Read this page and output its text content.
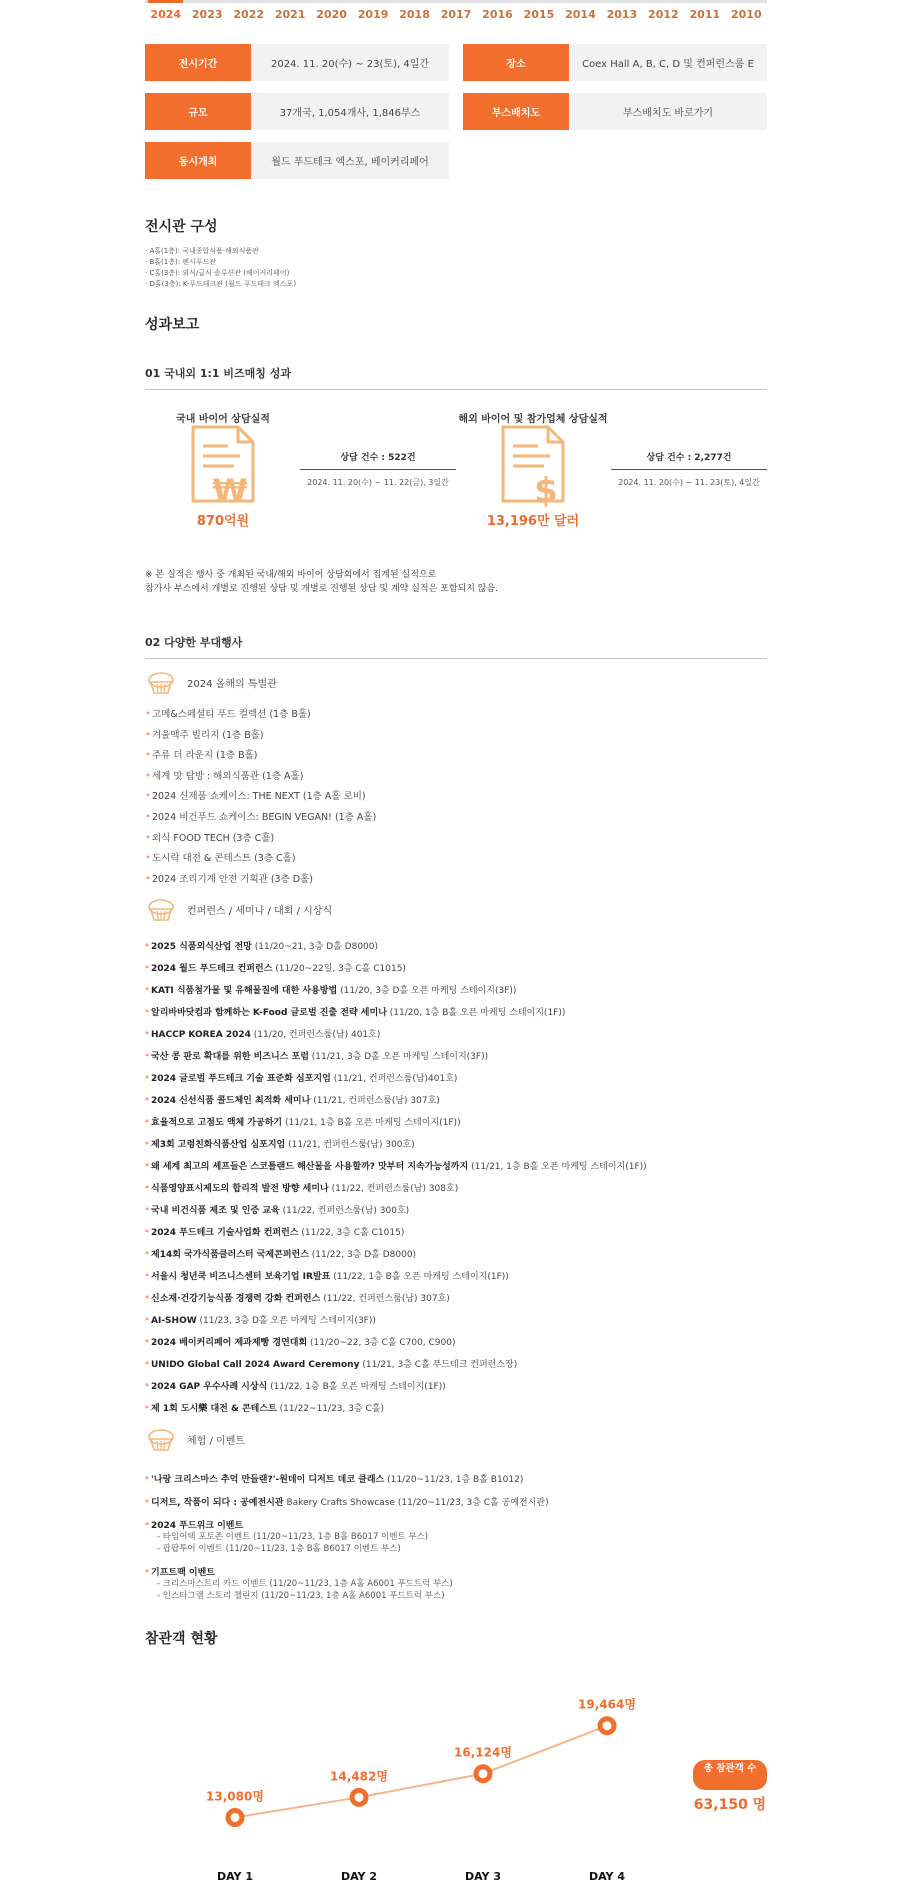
2024 2023 2022 2021 2020 2019 2018 2017 2016 2015 2014 2013 2012 2011 2010
전시기간	2024. 11. 20(수) ~ 23(토), 4일간	장소	Coex Hall A, B, C, D 및 컨퍼런스룸 E
규모	37개국, 1,054개사, 1,846부스	부스배치도	부스배치도 바로가기
동시개최	월드 푸드테크 엑스포, 베이커리페어
전시관 구성
· A홀(1층): 국내종합식품·해외식품관
· B홀(1층): 펜시푸드관
· C홀(3층): 외식/급식 솔루션관 (베이커리페어)
· D홀(3층): K-푸드테크관 (월드 푸드테크 엑스포)
성과보고
01 국내외 1:1 비즈매칭 성과
국내 바이어 상담실적
₩
870억원
상담 건수 : 522건
2024. 11. 20(수) ~ 11. 22(금), 3일간
해외 바이어 및 참가업체 상담실적
$
13,196만 달러
상담 건수 : 2,277건
2024. 11. 20(수) ~ 11. 23(토), 4일간
※ 본 실적은 행사 중 개최된 국내/해외 바이어 상담회에서 집계된 실적으로
참가사 부스에서 개별로 진행된 상담 및 개별로 진행된 상담 및 계약 실적은 포함되지 않음.
02 다양한 부대행사
2024 올해의 특별관
* 고메&스페셜티 푸드 컬렉션 (1층 B홀)
* 겨울맥주 빌리지 (1층 B홀)
* 주류 더 라운지 (1층 B홀)
* 세계 맛 탐방 : 해외식품관 (1층 A홀)
* 2024 신제품 쇼케이스: THE NEXT (1층 A홀 로비)
* 2024 비건푸드 쇼케이스: BEGIN VEGAN! (1층 A홀)
* 외식 FOOD TECH (3층 C홀)
* 도시락 대전 & 콘테스트 (3층 C홀)
* 2024 조리기계 안전 기획관 (3층 D홀)
컨퍼런스 / 세미나 / 대회 / 시상식
* 2025 식품외식산업 전망 (11/20~21, 3층 D홀 D8000)
* 2024 월드 푸드테크 컨퍼런스 (11/20~22일, 3층 C홀 C1015)
* KATI 식품첨가물 및 유해물질에 대한 사용방법 (11/20, 3층 D홀 오픈 마케팅 스테이지(3F))
* 알리바바닷컴과 함께하는 K-Food 글로벌 진출 전략 세미나 (11/20, 1층 B홀 오픈 마케팅 스테이지(1F))
* HACCP KOREA 2024 (11/20, 컨퍼런스룸(남) 401호)
* 국산 콩 판로 확대를 위한 비즈니스 포럼 (11/21, 3층 D홀 오픈 마케팅 스테이지(3F))
* 2024 글로벌 푸드테크 기술 표준화 심포지엄 (11/21, 컨퍼런스룸(남)401호)
* 2024 신선식품 콜드체인 최적화 세미나 (11/21, 컨퍼런스룸(남) 307호)
* 효율적으로 고점도 액체 가공하기 (11/21, 1층 B홀 오픈 마케팅 스테이지(1F))
* 제3회 고령친화식품산업 심포지엄 (11/21, 컨퍼런스룸(남) 300호)
* 왜 세계 최고의 셰프들은 스코틀랜드 해산물을 사용할까? 맛부터 지속가능성까지 (11/21, 1층 B홀 오픈 마케팅 스테이지(1F))
* 식품영양표시제도의 합리적 발전 방향 세미나 (11/22, 컨퍼런스룸(남) 308호)
* 국내 비건식품 제조 및 인증 교육 (11/22, 컨퍼런스룸(남) 300호)
* 2024 푸드테크 기술사업화 컨퍼런스 (11/22, 3층 C홀 C1015)
* 제14회 국가식품클러스터 국제콘퍼런스 (11/22, 3층 D홀 D8000)
* 서울시 청년쿡 비즈니스센터 보육기업 IR발표 (11/22, 1층 B홀 오픈 마케팅 스테이지(1F))
* 신소재·건강기능식품 경쟁력 강화 컨퍼런스 (11/22, 컨퍼런스룸(남) 307호)
* AI-SHOW (11/23, 3층 D홀 오픈 마케팅 스테이지(3F))
* 2024 베이커리페어 제과제빵 경연대회 (11/20~22, 3층 C홀 C700, C900)
* UNIDO Global Call 2024 Award Ceremony (11/21, 3층 C홀 푸드테크 컨퍼런스장)
* 2024 GAP 우수사례 시상식 (11/22, 1층 B홀 오픈 마케팅 스테이지(1F))
* 제 1회 도시樂 대전 & 콘테스트 (11/22~11/23, 3층 C홀)
체험 / 이벤트
* '나랑 크리스마스 추억 만들랜?'-원데이 디저트 데코 클래스 (11/20~11/23, 1층 B홀 B1012)
* 디저트, 작품이 되다 : 공예전시관 Bakery Crafts Showcase (11/20~11/23, 3층 C홀 공예전시관)
* 2024 푸드위크 이벤트
- 타임어택 포토존 이벤트 (11/20~11/23, 1층 B홀 B6017 이벤트 부스)
- 팝팝투어 이벤트 (11/20~11/23, 1층 B홀 B6017 이벤트 부스)
* 기프트팩 이벤트
- 크리스마스트리 카드 이벤트 (11/20~11/23, 1층 A홀 A6001 푸드트럭 부스)
- 인스타그램 스토리 챌린지 (11/20~11/23, 1층 A홀 A6001 푸드트럭 부스)
참관객 현황
13,080명
DAY 1
14,482명
DAY 2
16,124명
DAY 3
19,464명
DAY 4
총 참관객 수
63,150 명
